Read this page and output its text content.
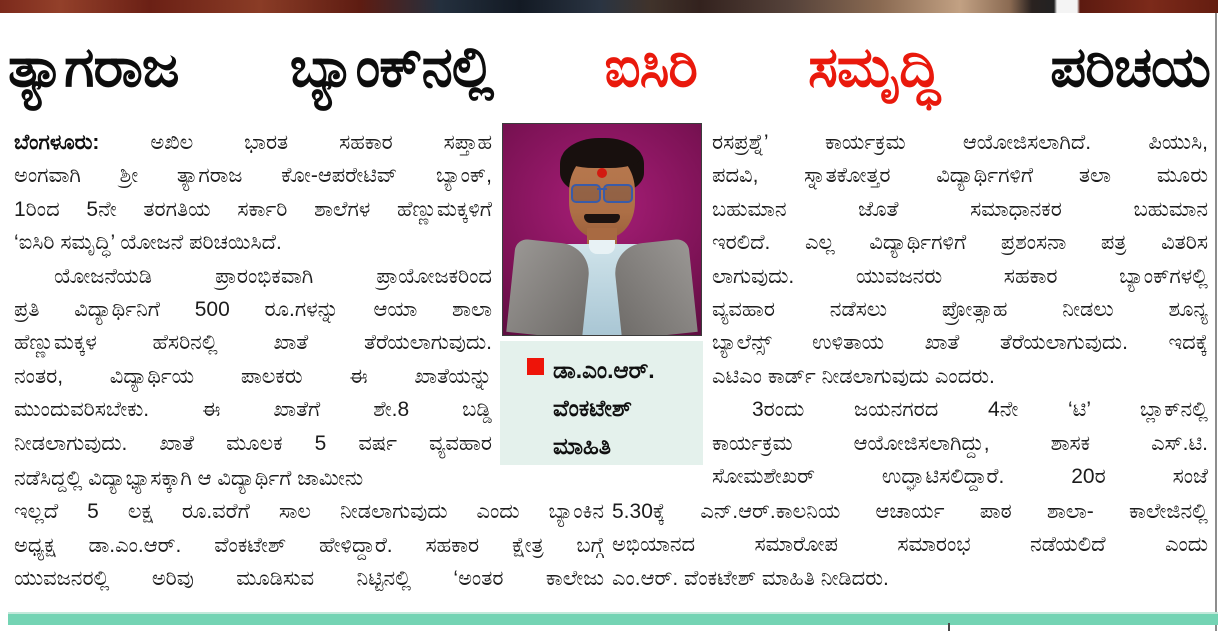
ತ್ಯಾಗರಾಜ ಬ್ಯಾಂಕ್‌ನಲ್ಲಿ ಐಸಿರಿ ಸಮೃದ್ಧಿ ಪರಿಚಯ
ಬೆಂಗಳೂರು: ಅಖಿಲ ಭಾರತ ಸಹಕಾರ ಸಪ್ತಾಹ
ಅಂಗವಾಗಿ ಶ್ರೀ ತ್ಯಾಗರಾಜ ಕೋ-ಆಪರೇಟಿವ್ ಬ್ಯಾಂಕ್,
1ರಿಂದ 5ನೇ ತರಗತಿಯ ಸರ್ಕಾರಿ ಶಾಲೆಗಳ ಹೆಣ್ಣುಮಕ್ಕಳಿಗೆ
‘ಐಸಿರಿ ಸಮೃದ್ಧಿ’ ಯೋಜನೆ ಪರಿಚಯಿಸಿದೆ.
ಯೋಜನೆಯಡಿ ಪ್ರಾರಂಭಿಕವಾಗಿ ಪ್ರಾಯೋಜಕರಿಂದ
ಪ್ರತಿ ವಿದ್ಯಾರ್ಥಿನಿಗೆ 500 ರೂ.ಗಳನ್ನು ಆಯಾ ಶಾಲಾ
ಹೆಣ್ಣುಮಕ್ಕಳ ಹೆಸರಿನಲ್ಲಿ ಖಾತೆ ತೆರೆಯಲಾಗುವುದು.
ನಂತರ, ವಿದ್ಯಾರ್ಥಿಯ ಪಾಲಕರು ಈ ಖಾತೆಯನ್ನು
ಮುಂದುವರಿಸಬೇಕು. ಈ ಖಾತೆಗೆ ಶೇ.8 ಬಡ್ಡಿ
ನೀಡಲಾಗುವುದು. ಖಾತೆ ಮೂಲಕ 5 ವರ್ಷ ವ್ಯವಹಾರ
ನಡೆಸಿದ್ದಲ್ಲಿ ವಿದ್ಯಾಭ್ಯಾಸಕ್ಕಾಗಿ ಆ ವಿದ್ಯಾರ್ಥಿಗೆ ಜಾಮೀನು
ಇಲ್ಲದೆ 5 ಲಕ್ಷ ರೂ.ವರೆಗೆ ಸಾಲ ನೀಡಲಾಗುವುದು ಎಂದು ಬ್ಯಾಂಕಿನ
ಅಧ್ಯಕ್ಷ ಡಾ.ಎಂ.ಆರ್. ವೆಂಕಟೇಶ್ ಹೇಳಿದ್ದಾರೆ. ಸಹಕಾರ ಕ್ಷೇತ್ರ ಬಗ್ಗೆ
ಯುವಜನರಲ್ಲಿ ಅರಿವು ಮೂಡಿಸುವ ನಿಟ್ಟಿನಲ್ಲಿ ‘ಅಂತರ ಕಾಲೇಜು
ಡಾ.ಎಂ.ಆರ್.
ವೆಂಕಟೇಶ್
ಮಾಹಿತಿ
ರಸಪ್ರಶ್ನೆ’ ಕಾರ್ಯಕ್ರಮ ಆಯೋಜಿಸಲಾಗಿದೆ. ಪಿಯುಸಿ,
ಪದವಿ, ಸ್ನಾತಕೋತ್ತರ ವಿದ್ಯಾರ್ಥಿಗಳಿಗೆ ತಲಾ ಮೂರು
ಬಹುಮಾನ ಜೊತೆ ಸಮಾಧಾನಕರ ಬಹುಮಾನ
ಇರಲಿದೆ. ಎಲ್ಲ ವಿದ್ಯಾರ್ಥಿಗಳಿಗೆ ಪ್ರಶಂಸನಾ ಪತ್ರ ವಿತರಿಸ
ಲಾಗುವುದು. ಯುವಜನರು ಸಹಕಾರ ಬ್ಯಾಂಕ್‌ಗಳಲ್ಲಿ
ವ್ಯವಹಾರ ನಡೆಸಲು ಪ್ರೋತ್ಸಾಹ ನೀಡಲು ಶೂನ್ಯ
ಬ್ಯಾಲೆನ್ಸ್ ಉಳಿತಾಯ ಖಾತೆ ತೆರೆಯಲಾಗುವುದು. ಇದಕ್ಕೆ
ಎಟಿಎಂ ಕಾರ್ಡ್ ನೀಡಲಾಗುವುದು ಎಂದರು.
3ರಂದು ಜಯನಗರದ 4ನೇ ‘ಟಿ’ ಬ್ಲಾಕ್‌ನಲ್ಲಿ
ಕಾರ್ಯಕ್ರಮ ಆಯೋಜಿಸಲಾಗಿದ್ದು, ಶಾಸಕ ಎಸ್.ಟಿ.
ಸೋಮಶೇಖರ್ ಉದ್ಘಾಟಿಸಲಿದ್ದಾರೆ. 20ರ ಸಂಜೆ
5.30ಕ್ಕೆ ಎನ್.ಆರ್.ಕಾಲನಿಯ ಆಚಾರ್ಯ ಪಾಠ ಶಾಲಾ- ಕಾಲೇಜಿನಲ್ಲಿ
ಅಭಿಯಾನದ ಸಮಾರೋಪ ಸಮಾರಂಭ ನಡೆಯಲಿದೆ ಎಂದು
ಎಂ.ಆರ್. ವೆಂಕಟೇಶ್ ಮಾಹಿತಿ ನೀಡಿದರು.
